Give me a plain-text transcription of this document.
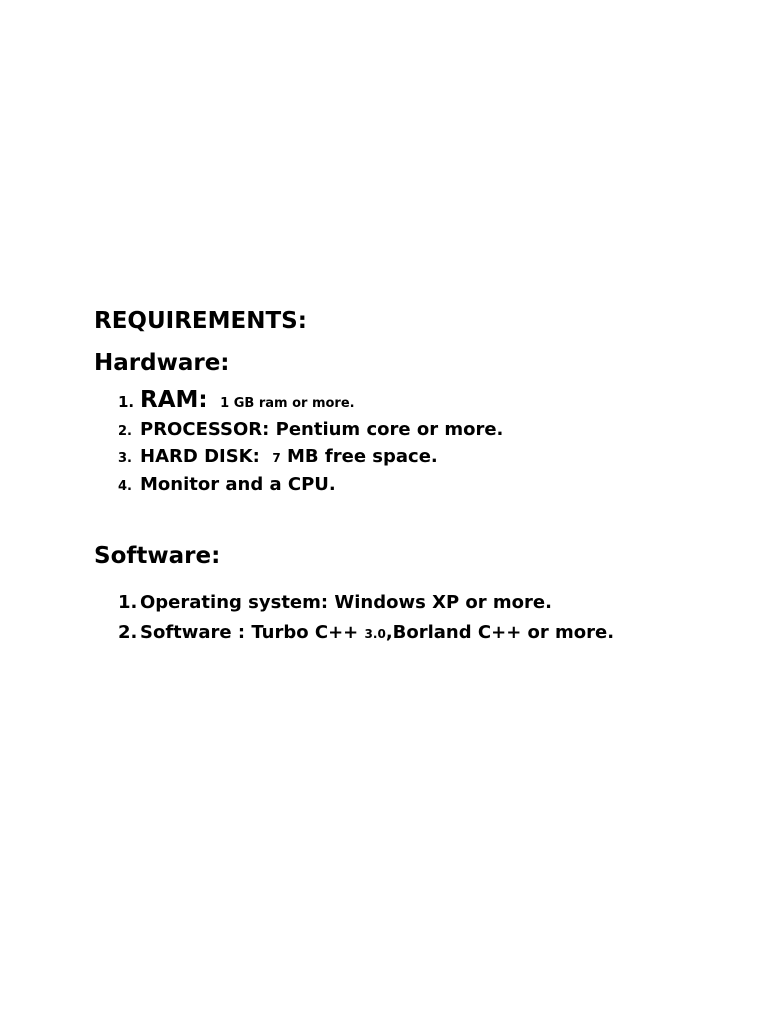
REQUIREMENTS:
Hardware:
1. RAM: 1 GB ram or more.
2. PROCESSOR: Pentium core or more.
3. HARD DISK: 7 MB free space.
4. Monitor and a CPU.
Software:
1. Operating system: Windows XP or more.
2. Software : Turbo C++ 3.0,Borland C++ or more.
